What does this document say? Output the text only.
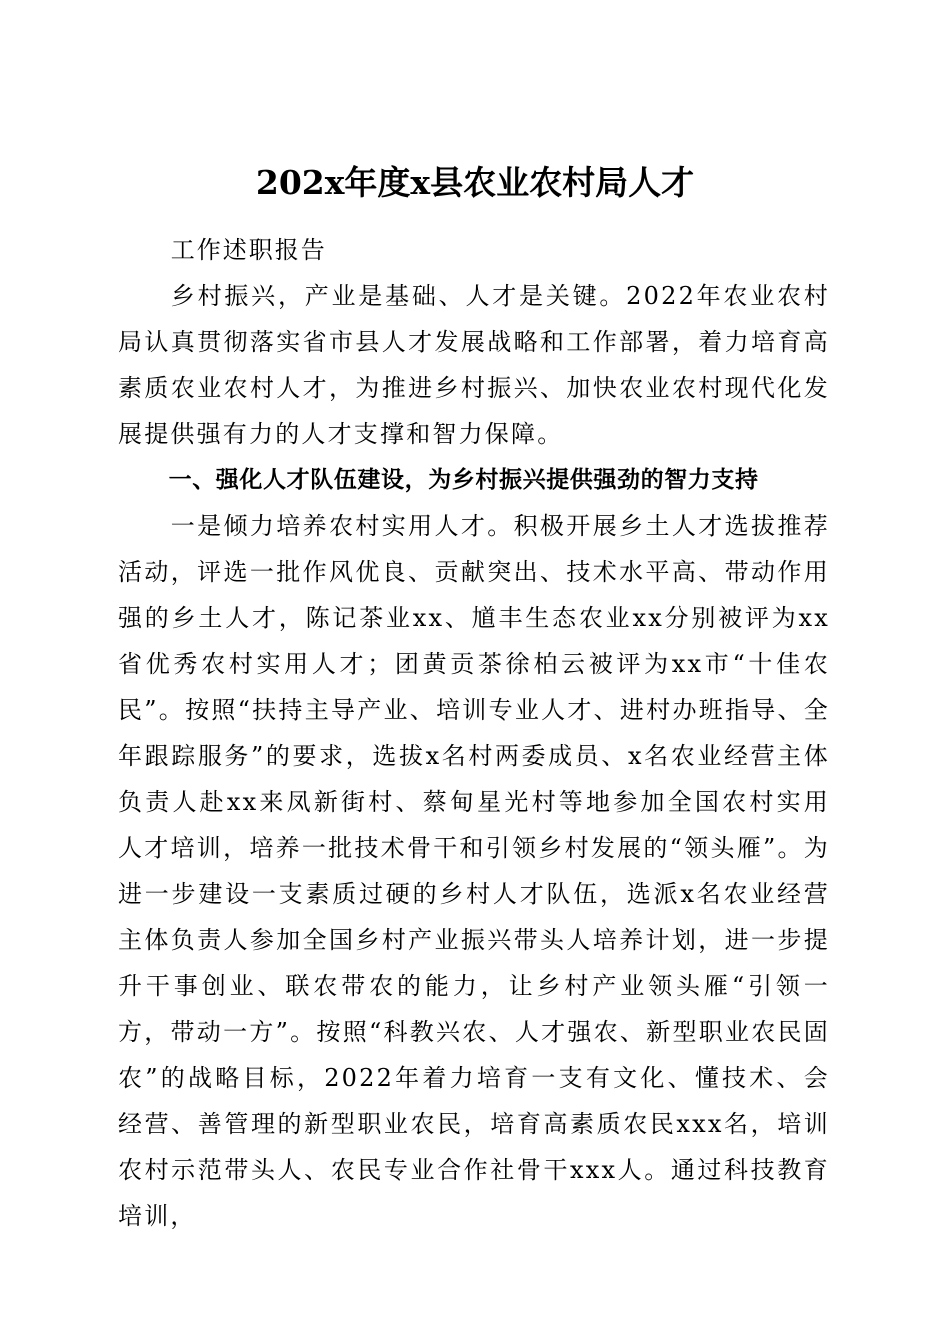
202x年度x县农业农村局人才

工作述职报告

乡村振兴，产业是基础、人才是关键。2022年农业农村局认真贯彻落实省市县人才发展战略和工作部署，着力培育高素质农业农村人才，为推进乡村振兴、加快农业农村现代化发展提供强有力的人才支撑和智力保障。

一、强化人才队伍建设，为乡村振兴提供强劲的智力支持

一是倾力培养农村实用人才。积极开展乡土人才选拔推荐活动，评选一批作风优良、贡献突出、技术水平高、带动作用强的乡土人才，陈记茶业xx、馗丰生态农业xx分别被评为xx省优秀农村实用人才；团黄贡茶徐柏云被评为xx市“十佳农民”。按照“扶持主导产业、培训专业人才、进村办班指导、全年跟踪服务”的要求，选拔x名村两委成员、x名农业经营主体负责人赴xx来凤新街村、蔡甸星光村等地参加全国农村实用人才培训，培养一批技术骨干和引领乡村发展的“领头雁”。为进一步建设一支素质过硬的乡村人才队伍，选派x名农业经营主体负责人参加全国乡村产业振兴带头人培养计划，进一步提升干事创业、联农带农的能力，让乡村产业领头雁“引领一方，带动一方”。按照“科教兴农、人才强农、新型职业农民固农”的战略目标，2022年着力培育一支有文化、懂技术、会经营、善管理的新型职业农民，培育高素质农民xxx名，培训农村示范带头人、农民专业合作社骨干xxx人。通过科技教育培训，
